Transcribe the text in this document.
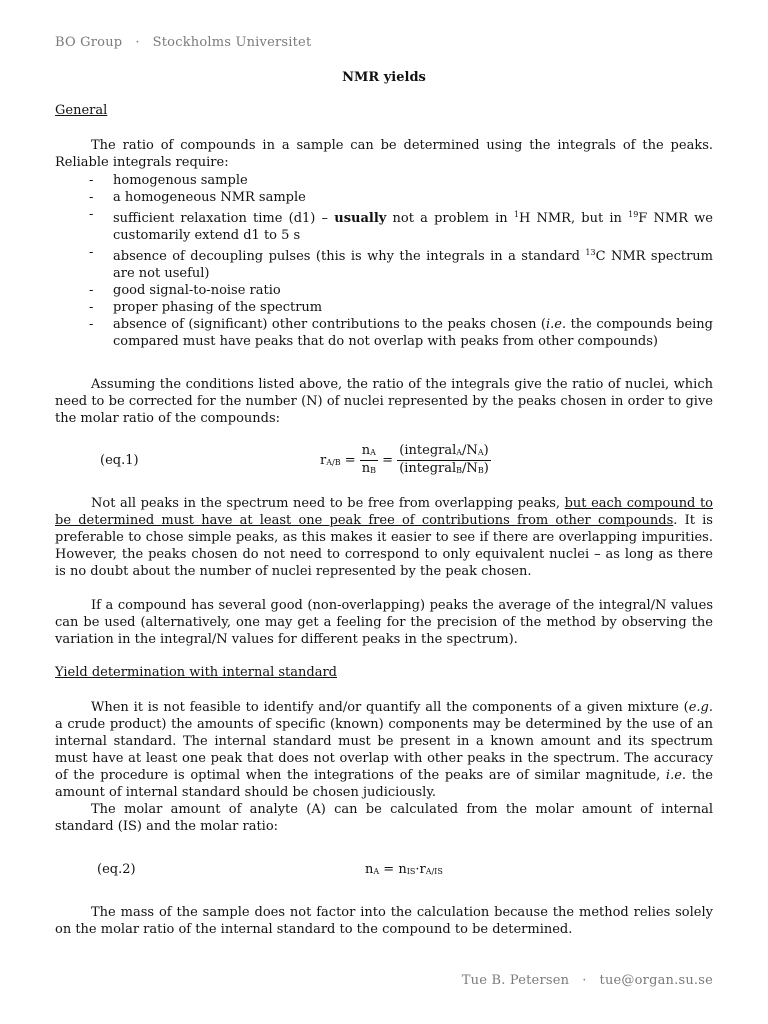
BO Group · Stockholms Universitet
NMR yields
General
The ratio of compounds in a sample can be determined using the integrals of the peaks. Reliable integrals require:
- homogenous sample
- a homogeneous NMR sample
- sufficient relaxation time (d1) – usually not a problem in $^1$H NMR, but in $^{19}$F NMR we customarily extend d1 to 5 s
- absence of decoupling pulses (this is why the integrals in a standard $^{13}$C NMR spectrum are not useful)
- good signal-to-noise ratio
- proper phasing of the spectrum
- absence of (significant) other contributions to the peaks chosen (i.e. the compounds being compared must have peaks that do not overlap with peaks from other compounds)
Assuming the conditions listed above, the ratio of the integrals give the ratio of nuclei, which need to be corrected for the number (N) of nuclei represented by the peaks chosen in order to give the molar ratio of the compounds:
(eq.1)	$rA/B = \frac{nA}{nB} = \frac{\text{(integralA/NA)}}{\text{(integralB/NB)}}$
Not all peaks in the spectrum need to be free from overlapping peaks, but each compound to be determined must have at least one peak free of contributions from other compounds. It is preferable to chose simple peaks, as this makes it easier to see if there are overlapping impurities. However, the peaks chosen do not need to correspond to only equivalent nuclei – as long as there is no doubt about the number of nuclei represented by the peak chosen.
If a compound has several good (non-overlapping) peaks the average of the integral/N values can be used (alternatively, one may get a feeling for the precision of the method by observing the variation in the integral/N values for different peaks in the spectrum).
Yield determination with internal standard
When it is not feasible to identify and/or quantify all the components of a given mixture (e.g. a crude product) the amounts of specific (known) components may be determined by the use of an internal standard. The internal standard must be present in a known amount and its spectrum must have at least one peak that does not overlap with other peaks in the spectrum. The accuracy of the procedure is optimal when the integrations of the peaks are of similar magnitude, i.e. the amount of internal standard should be chosen judiciously.
The molar amount of analyte (A) can be calculated from the molar amount of internal standard (IS) and the molar ratio:
(eq.2)	nA = nIS·rA/IS
The mass of the sample does not factor into the calculation because the method relies solely on the molar ratio of the internal standard to the compound to be determined.
Tue B. Petersen · tue@organ.su.se
